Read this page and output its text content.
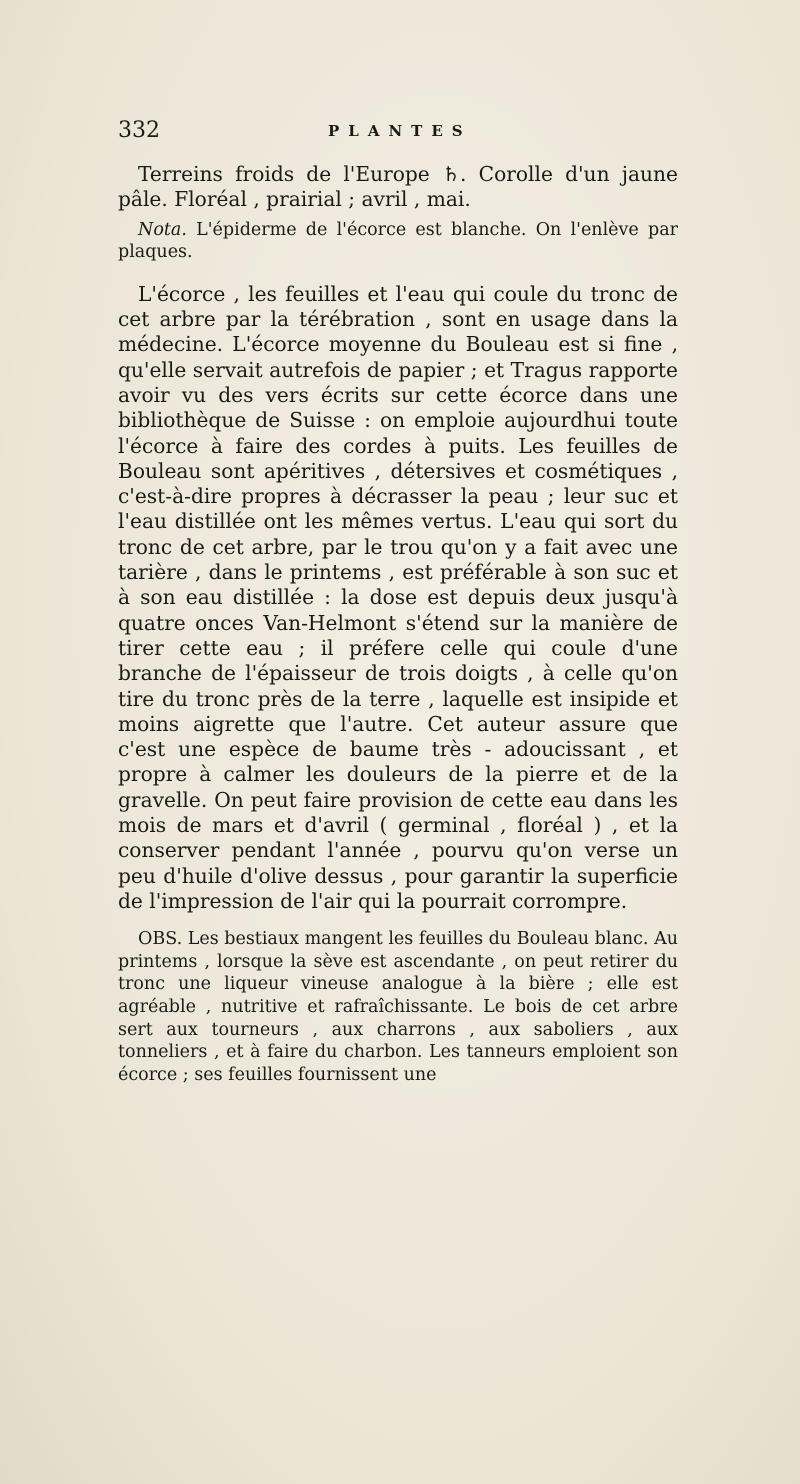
332	PLANTES

Terreins froids de l'Europe ♄. Corolle d'un jaune pâle. Floréal , prairial ; avril , mai.

Nota. L'épiderme de l'écorce est blanche. On l'enlève par plaques.

L'écorce , les feuilles et l'eau qui coule du tronc de cet arbre par la térébration , sont en usage dans la médecine. L'écorce moyenne du Bouleau est si fine , qu'elle servait autrefois de papier ; et Tragus rapporte avoir vu des vers écrits sur cette écorce dans une bibliothèque de Suisse : on emploie aujourdhui toute l'écorce à faire des cordes à puits. Les feuilles de Bouleau sont apéritives , détersives et cosmétiques , c'est-à-dire propres à décrasser la peau ; leur suc et l'eau distillée ont les mêmes vertus. L'eau qui sort du tronc de cet arbre, par le trou qu'on y a fait avec une tarière , dans le printems , est préférable à son suc et à son eau distillée : la dose est depuis deux jusqu'à quatre onces Van-Helmont s'étend sur la manière de tirer cette eau ; il préfere celle qui coule d'une branche de l'épaisseur de trois doigts , à celle qu'on tire du tronc près de la terre , laquelle est insipide et moins aigrette que l'autre. Cet auteur assure que c'est une espèce de baume très - adoucissant , et propre à calmer les douleurs de la pierre et de la gravelle. On peut faire provision de cette eau dans les mois de mars et d'avril ( germinal , floréal ) , et la conserver pendant l'année , pourvu qu'on verse un peu d'huile d'olive dessus , pour garantir la superficie de l'impression de l'air qui la pourrait corrompre.

OBS. Les bestiaux mangent les feuilles du Bouleau blanc. Au printems , lorsque la sève est ascendante , on peut retirer du tronc une liqueur vineuse analogue à la bière ; elle est agréable , nutritive et rafraîchissante. Le bois de cet arbre sert aux tourneurs , aux charrons , aux saboliers , aux tonneliers , et à faire du charbon. Les tanneurs emploient son écorce ; ses feuilles fournissent une
